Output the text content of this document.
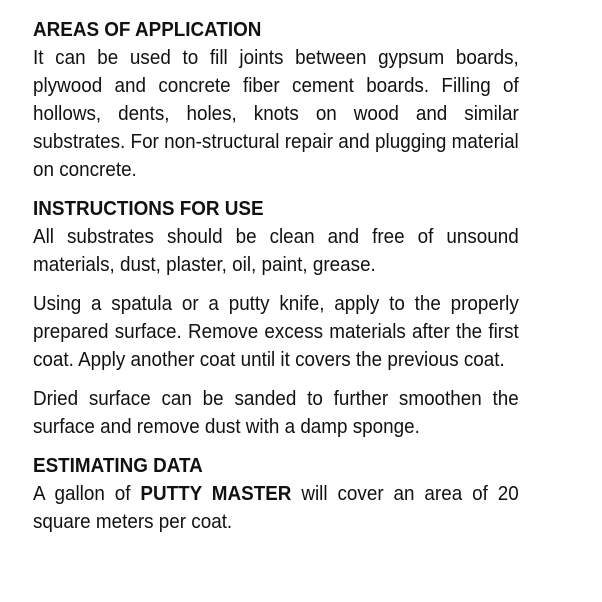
AREAS OF APPLICATION

It can be used to fill joints between gypsum boards, plywood and concrete fiber cement boards. Filling of hollows, dents, holes, knots on wood and similar substrates. For non-structural repair and plugging material on concrete.

INSTRUCTIONS FOR USE

All substrates should be clean and free of unsound materials, dust, plaster, oil, paint, grease.

Using a spatula or a putty knife, apply to the properly prepared surface. Remove excess materials after the first coat. Apply another coat until it covers the previous coat.

Dried surface can be sanded to further smoothen the surface and remove dust with a damp sponge.

ESTIMATING DATA

A gallon of PUTTY MASTER will cover an area of 20 square meters per coat.
